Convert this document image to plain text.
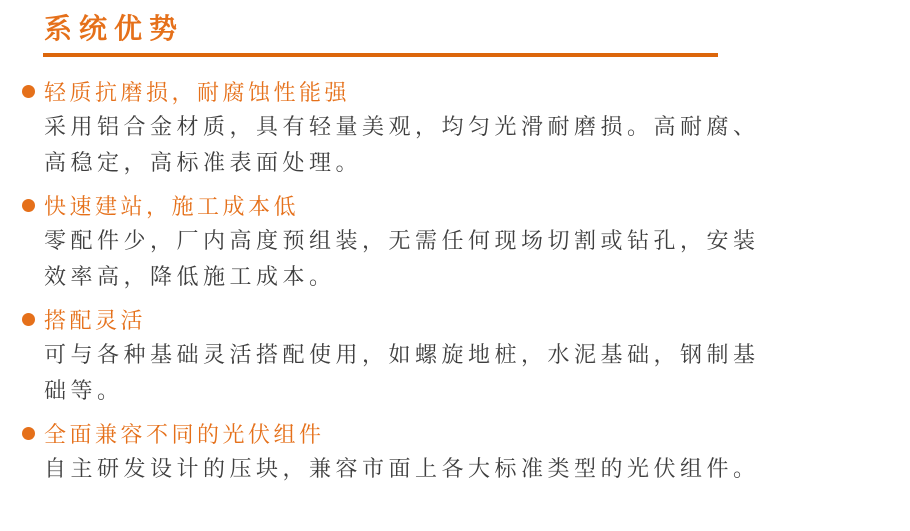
系统优势
轻质抗磨损，耐腐蚀性能强

采用铝合金材质，具有轻量美观，均匀光滑耐磨损。高耐腐、高稳定，高标准表面处理。

快速建站，施工成本低

零配件少，厂内高度预组装，无需任何现场切割或钻孔，安装效率高，降低施工成本。

搭配灵活

可与各种基础灵活搭配使用，如螺旋地桩，水泥基础，钢制基础等。

全面兼容不同的光伏组件

自主研发设计的压块，兼容市面上各大标准类型的光伏组件。
